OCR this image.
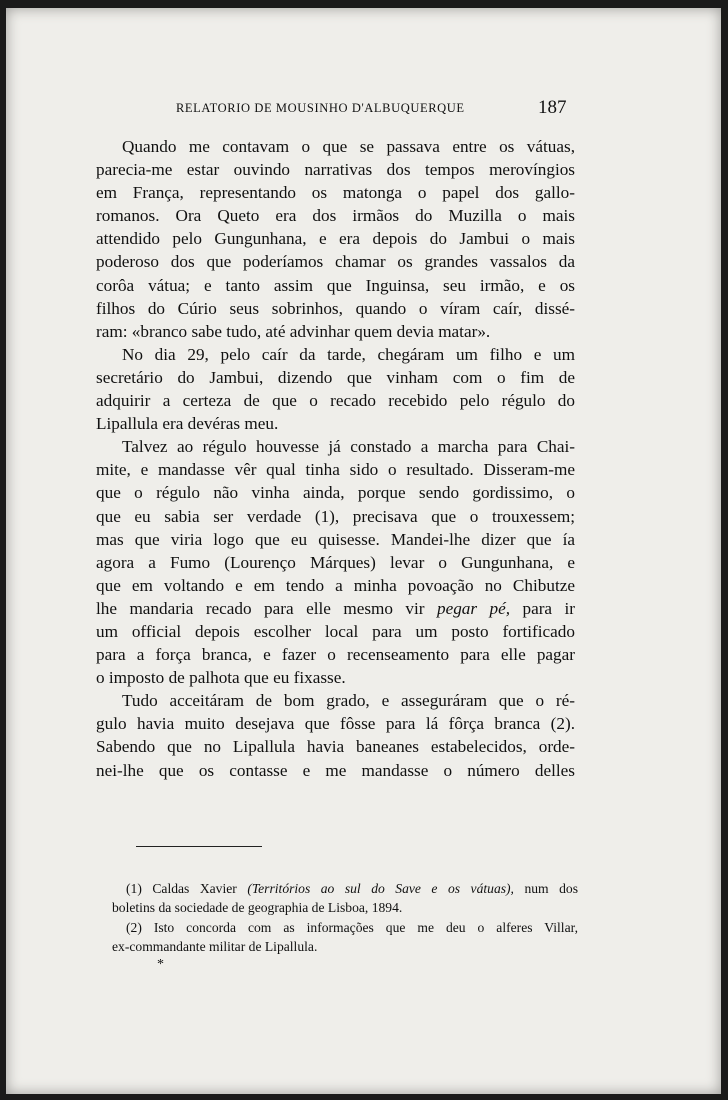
RELATORIO DE MOUSINHO D'ALBUQUERQUE	187
Quando me contavam o que se passava entre os vátuas,
parecia-me estar ouvindo narrativas dos tempos merovíngios
em França, representando os matonga o papel dos gallo-
romanos. Ora Queto era dos irmãos do Muzilla o mais
attendido pelo Gungunhana, e era depois do Jambui o mais
poderoso dos que poderíamos chamar os grandes vassalos da
corôa vátua; e tanto assim que Inguinsa, seu irmão, e os
filhos do Cúrio seus sobrinhos, quando o víram caír, dissé-
ram: «branco sabe tudo, até advinhar quem devia matar».
No dia 29, pelo caír da tarde, chegáram um filho e um
secretário do Jambui, dizendo que vinham com o fim de
adquirir a certeza de que o recado recebido pelo régulo do
Lipallula era devéras meu.
Talvez ao régulo houvesse já constado a marcha para Chai-
mite, e mandasse vêr qual tinha sido o resultado. Disseram-me
que o régulo não vinha ainda, porque sendo gordissimo, o
que eu sabia ser verdade (1), precisava que o trouxessem;
mas que viria logo que eu quisesse. Mandei-lhe dizer que ía
agora a Fumo (Lourenço Márques) levar o Gungunhana, e
que em voltando e em tendo a minha povoação no Chibutze
lhe mandaria recado para elle mesmo vir pegar pé, para ir
um official depois escolher local para um posto fortificado
para a força branca, e fazer o recenseamento para elle pagar
o imposto de palhota que eu fixasse.
Tudo acceitáram de bom grado, e asseguráram que o ré-
gulo havia muito desejava que fôsse para lá fôrça branca (2).
Sabendo que no Lipallula havia baneanes estabelecidos, orde-
nei-lhe que os contasse e me mandasse o número delles
(1) Caldas Xavier (Territórios ao sul do Save e os vátuas), num dos
boletins da sociedade de geographia de Lisboa, 1894.
(2) Isto concorda com as informações que me deu o alferes Villar,
ex-commandante militar de Lipallula.
*
